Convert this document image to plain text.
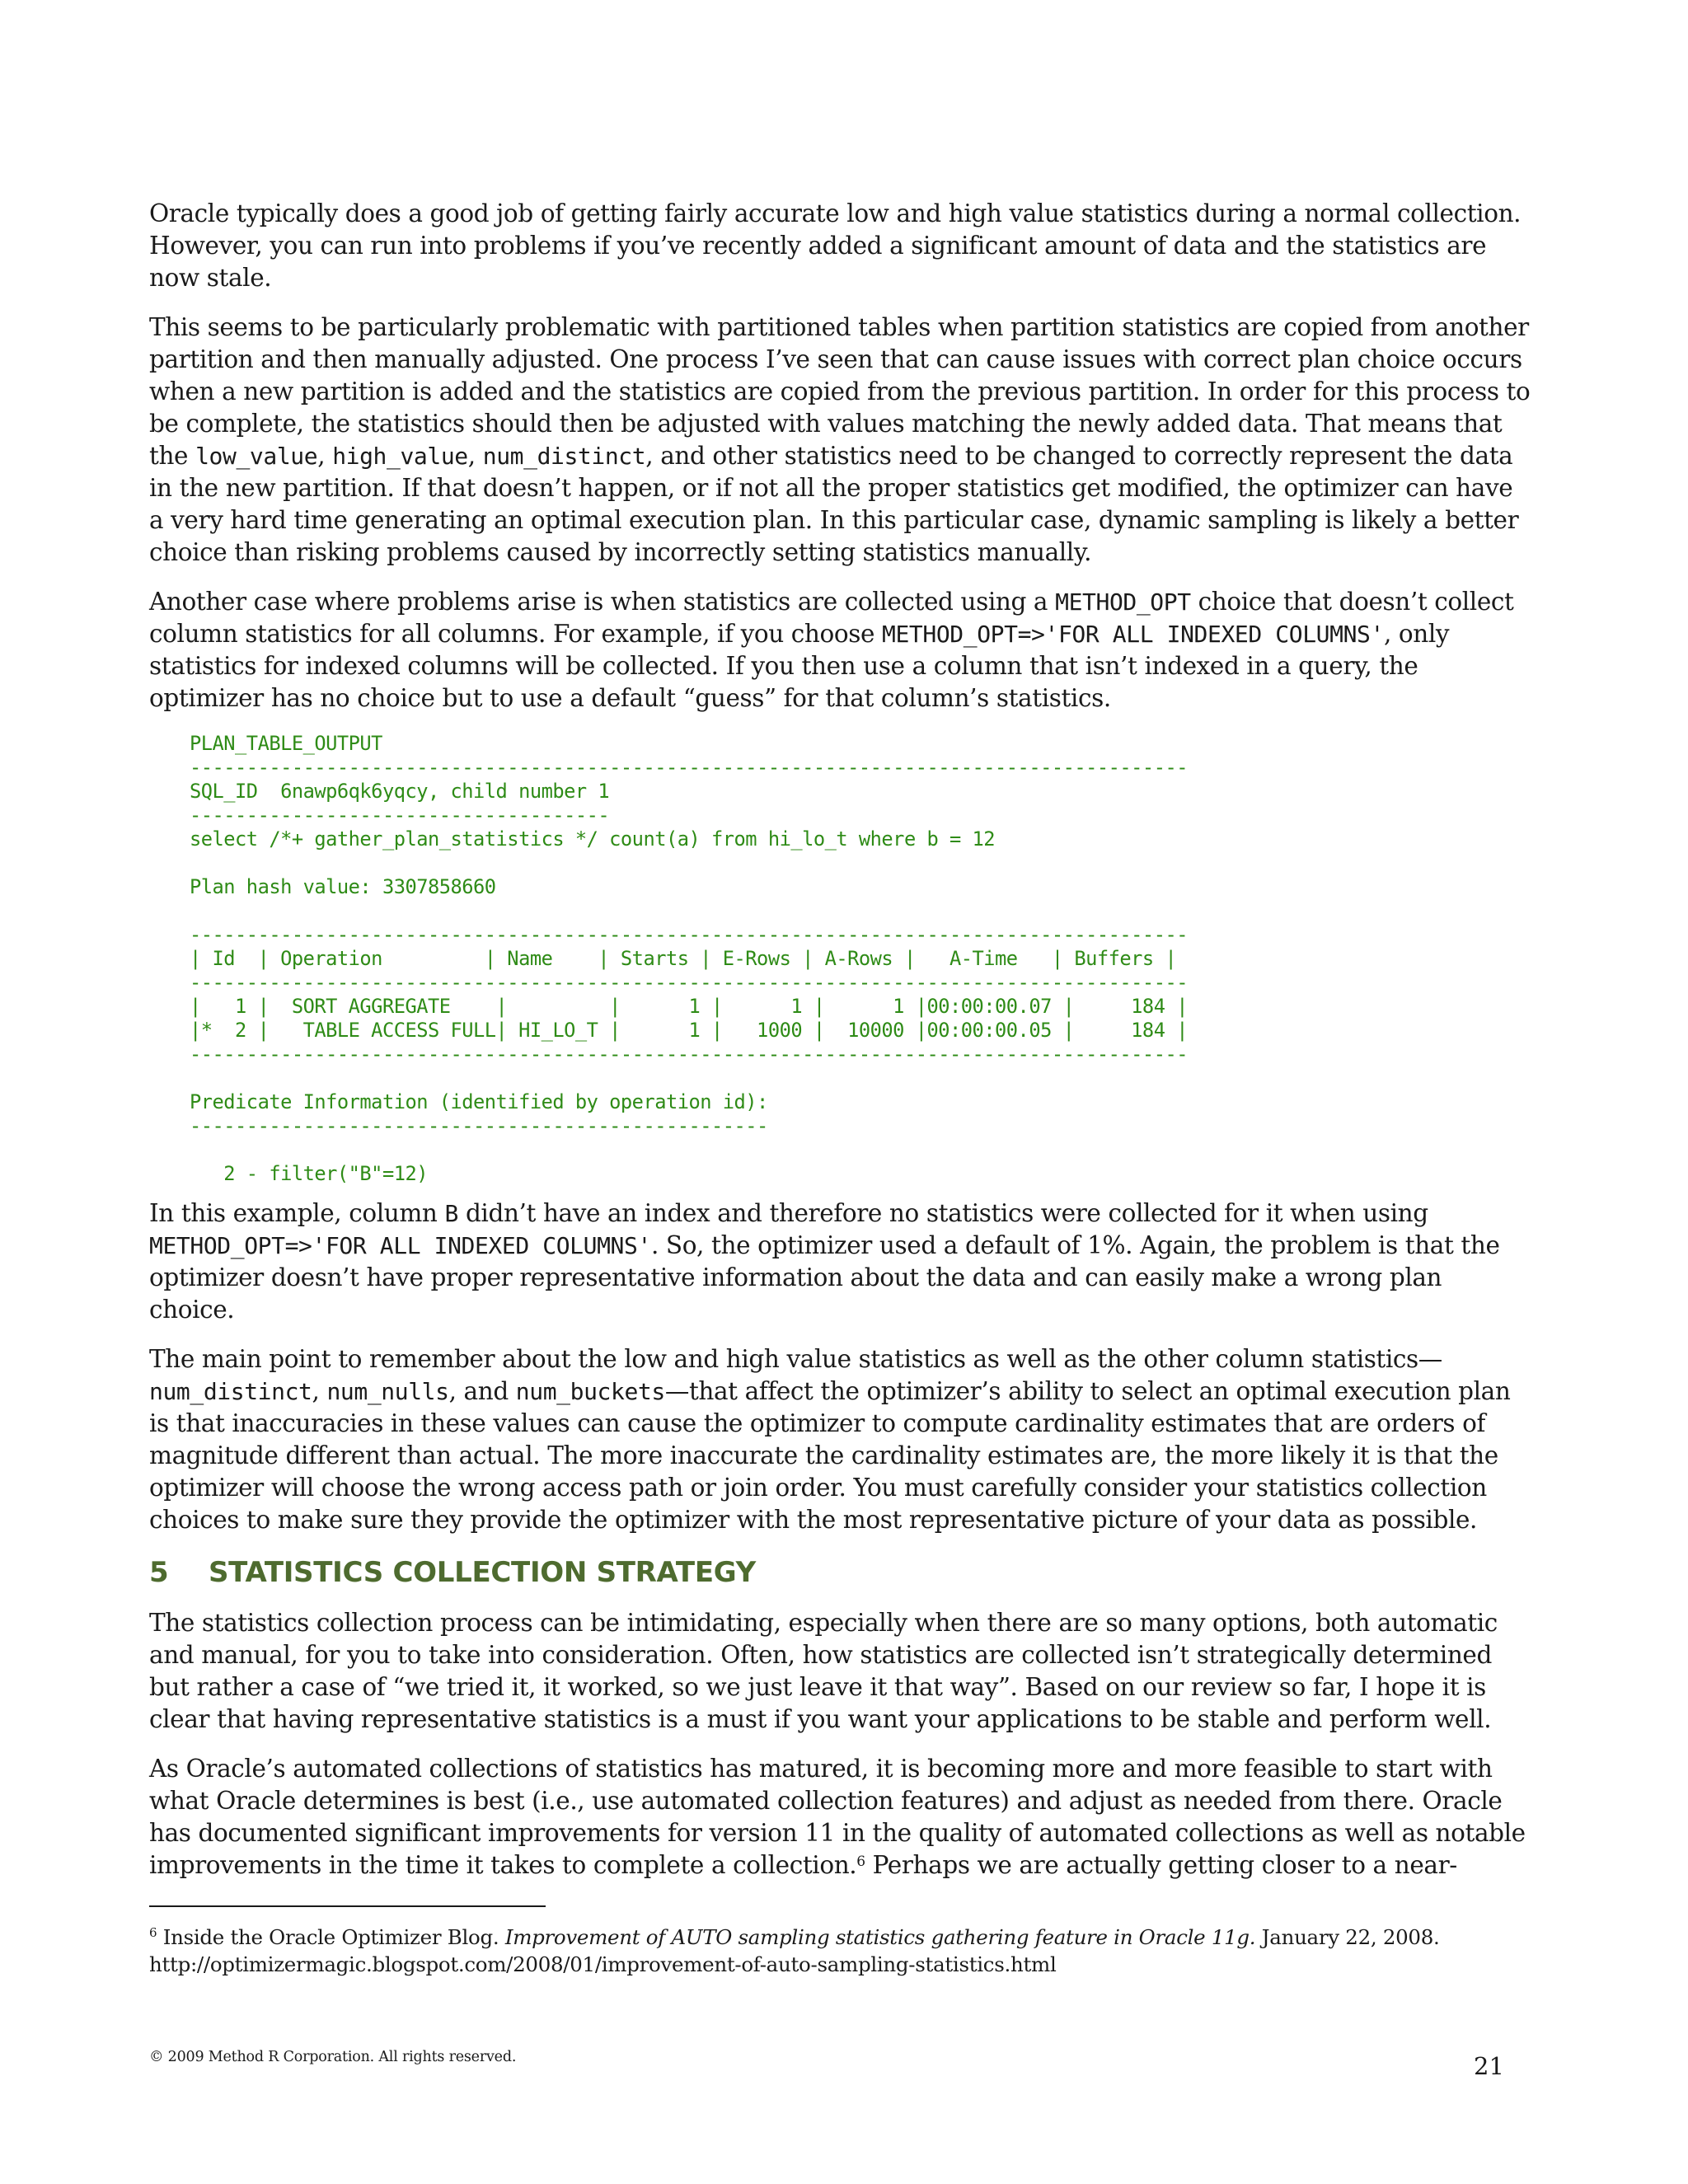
Oracle typically does a good job of getting fairly accurate low and high value statistics during a normal collection. However, you can run into problems if you’ve recently added a significant amount of data and the statistics are now stale.

This seems to be particularly problematic with partitioned tables when partition statistics are copied from another partition and then manually adjusted. One process I’ve seen that can cause issues with correct plan choice occurs when a new partition is added and the statistics are copied from the previous partition. In order for this process to be complete, the statistics should then be adjusted with values matching the newly added data. That means that the low_value, high_value, num_distinct, and other statistics need to be changed to correctly represent the data in the new partition. If that doesn’t happen, or if not all the proper statistics get modified, the optimizer can have a very hard time generating an optimal execution plan. In this particular case, dynamic sampling is likely a better choice than risking problems caused by incorrectly setting statistics manually.

Another case where problems arise is when statistics are collected using a METHOD_OPT choice that doesn’t collect column statistics for all columns. For example, if you choose METHOD_OPT=>'FOR ALL INDEXED COLUMNS', only statistics for indexed columns will be collected. If you then use a column that isn’t indexed in a query, the optimizer has no choice but to use a default “guess” for that column’s statistics.

PLAN_TABLE_OUTPUT
----------------------------------------------------------------------------------------
SQL_ID  6nawp6qk6yqcy, child number 1
-------------------------------------
select /*+ gather_plan_statistics */ count(a) from hi_lo_t where b = 12
Plan hash value: 3307858660
----------------------------------------------------------------------------------------
| Id  | Operation         | Name    | Starts | E-Rows | A-Rows |   A-Time   | Buffers |
----------------------------------------------------------------------------------------
|   1 |  SORT AGGREGATE    |         |      1 |      1 |      1 |00:00:00.07 |     184 |
|*  2 |   TABLE ACCESS FULL| HI_LO_T |      1 |   1000 |  10000 |00:00:00.05 |     184 |
----------------------------------------------------------------------------------------
Predicate Information (identified by operation id):
---------------------------------------------------
2 - filter("B"=12)

In this example, column B didn’t have an index and therefore no statistics were collected for it when using METHOD_OPT=>'FOR ALL INDEXED COLUMNS'. So, the optimizer used a default of 1%. Again, the problem is that the optimizer doesn’t have proper representative information about the data and can easily make a wrong plan choice.

The main point to remember about the low and high value statistics as well as the other column statistics—num_distinct, num_nulls, and num_buckets—that affect the optimizer’s ability to select an optimal execution plan is that inaccuracies in these values can cause the optimizer to compute cardinality estimates that are orders of magnitude different than actual. The more inaccurate the cardinality estimates are, the more likely it is that the optimizer will choose the wrong access path or join order. You must carefully consider your statistics collection choices to make sure they provide the optimizer with the most representative picture of your data as possible.

5 STATISTICS COLLECTION STRATEGY

The statistics collection process can be intimidating, especially when there are so many options, both automatic and manual, for you to take into consideration. Often, how statistics are collected isn’t strategically determined but rather a case of “we tried it, it worked, so we just leave it that way”. Based on our review so far, I hope it is clear that having representative statistics is a must if you want your applications to be stable and perform well.

As Oracle’s automated collections of statistics has matured, it is becoming more and more feasible to start with what Oracle determines is best (i.e., use automated collection features) and adjust as needed from there. Oracle has documented significant improvements for version 11 in the quality of automated collections as well as notable improvements in the time it takes to complete a collection.$^6$ Perhaps we are actually getting closer to a near-

$^6$ Inside the Oracle Optimizer Blog. Improvement of AUTO sampling statistics gathering feature in Oracle 11g. January 22, 2008.
http://optimizermagic.blogspot.com/2008/01/improvement-of-auto-sampling-statistics.html
© 2009 Method R Corporation. All rights reserved.	21
